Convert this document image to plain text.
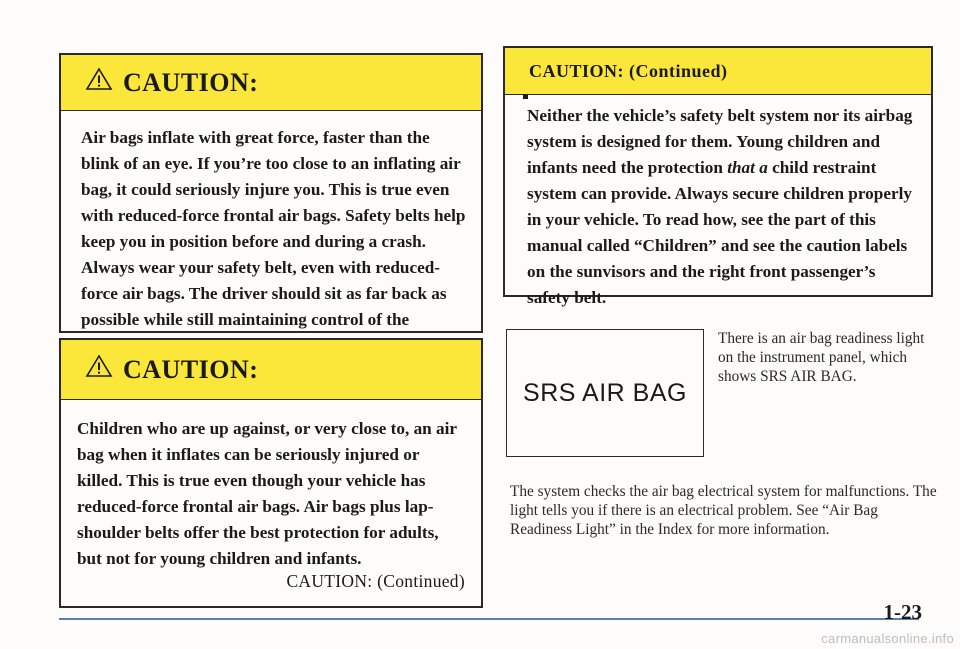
CAUTION:
Air bags inflate with great force, faster than the blink of an eye. If you’re too close to an inflating air bag, it could seriously injure you. This is true even with reduced-force frontal air bags. Safety belts help keep you in position before and during a crash. Always wear your safety belt, even with reduced-force air bags. The driver should sit as far back as possible while still maintaining control of the
CAUTION:
Children who are up against, or very close to, an air bag when it inflates can be seriously injured or killed. This is true even though your vehicle has reduced-force frontal air bags. Air bags plus lap-shoulder belts offer the best protection for adults, but not for young children and infants.
CAUTION: (Continued)
CAUTION: (Continued)
Neither the vehicle’s safety belt system nor its airbag system is designed for them. Young children and infants need the protection that a child restraint system can provide. Always secure children properly in your vehicle. To read how, see the part of this manual called “Children” and see the caution labels on the sunvisors and the right front passenger’s safety belt.
SRS AIR BAG
There is an air bag readiness light on the instrument panel, which shows SRS AIR BAG.
The system checks the air bag electrical system for malfunctions. The light tells you if there is an electrical problem. See “Air Bag Readiness Light” in the Index for more information.
1-23
carmanualsonline.info
